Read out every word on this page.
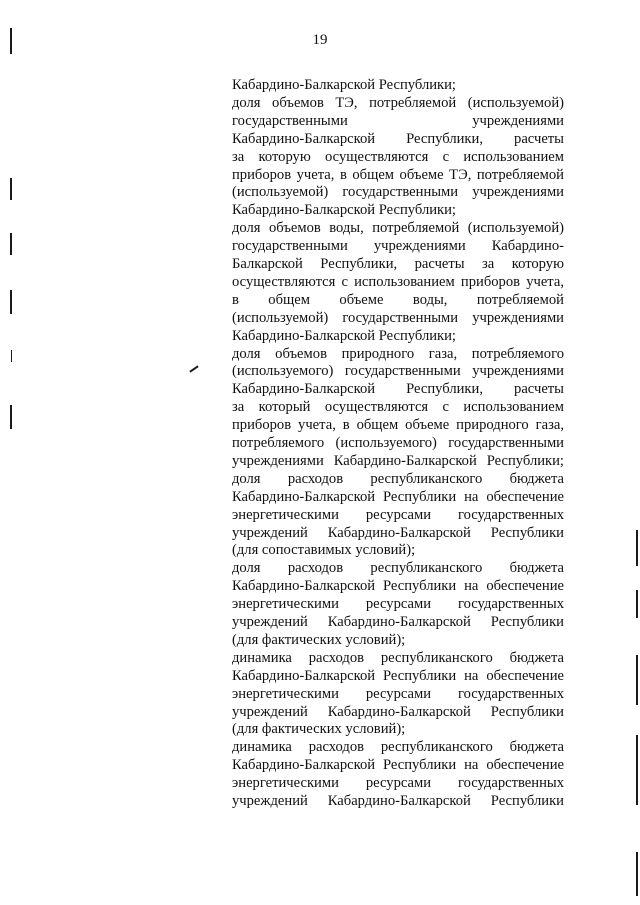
19
Кабардино-Балкарской Республики;
доля объемов ТЭ, потребляемой (используемой)
государственными учреждениями
Кабардино-Балкарской Республики, расчеты
за которую осуществляются с использованием
приборов учета, в общем объеме ТЭ, потребляемой
(используемой) государственными учреждениями
Кабардино-Балкарской Республики;
доля объемов воды, потребляемой (используемой)
государственными учреждениями Кабардино-
Балкарской Республики, расчеты за которую
осуществляются с использованием приборов учета,
в общем объеме воды, потребляемой
(используемой) государственными учреждениями
Кабардино-Балкарской Республики;
доля объемов природного газа, потребляемого
(используемого) государственными учреждениями
Кабардино-Балкарской Республики, расчеты
за который осуществляются с использованием
приборов учета, в общем объеме природного газа,
потребляемого (используемого) государственными
учреждениями Кабардино-Балкарской Республики;
доля расходов республиканского бюджета
Кабардино-Балкарской Республики на обеспечение
энергетическими ресурсами государственных
учреждений Кабардино-Балкарской Республики
(для сопоставимых условий);
доля расходов республиканского бюджета
Кабардино-Балкарской Республики на обеспечение
энергетическими ресурсами государственных
учреждений Кабардино-Балкарской Республики
(для фактических условий);
динамика расходов республиканского бюджета
Кабардино-Балкарской Республики на обеспечение
энергетическими ресурсами государственных
учреждений Кабардино-Балкарской Республики
(для фактических условий);
динамика расходов республиканского бюджета
Кабардино-Балкарской Республики на обеспечение
энергетическими ресурсами государственных
учреждений Кабардино-Балкарской Республики
